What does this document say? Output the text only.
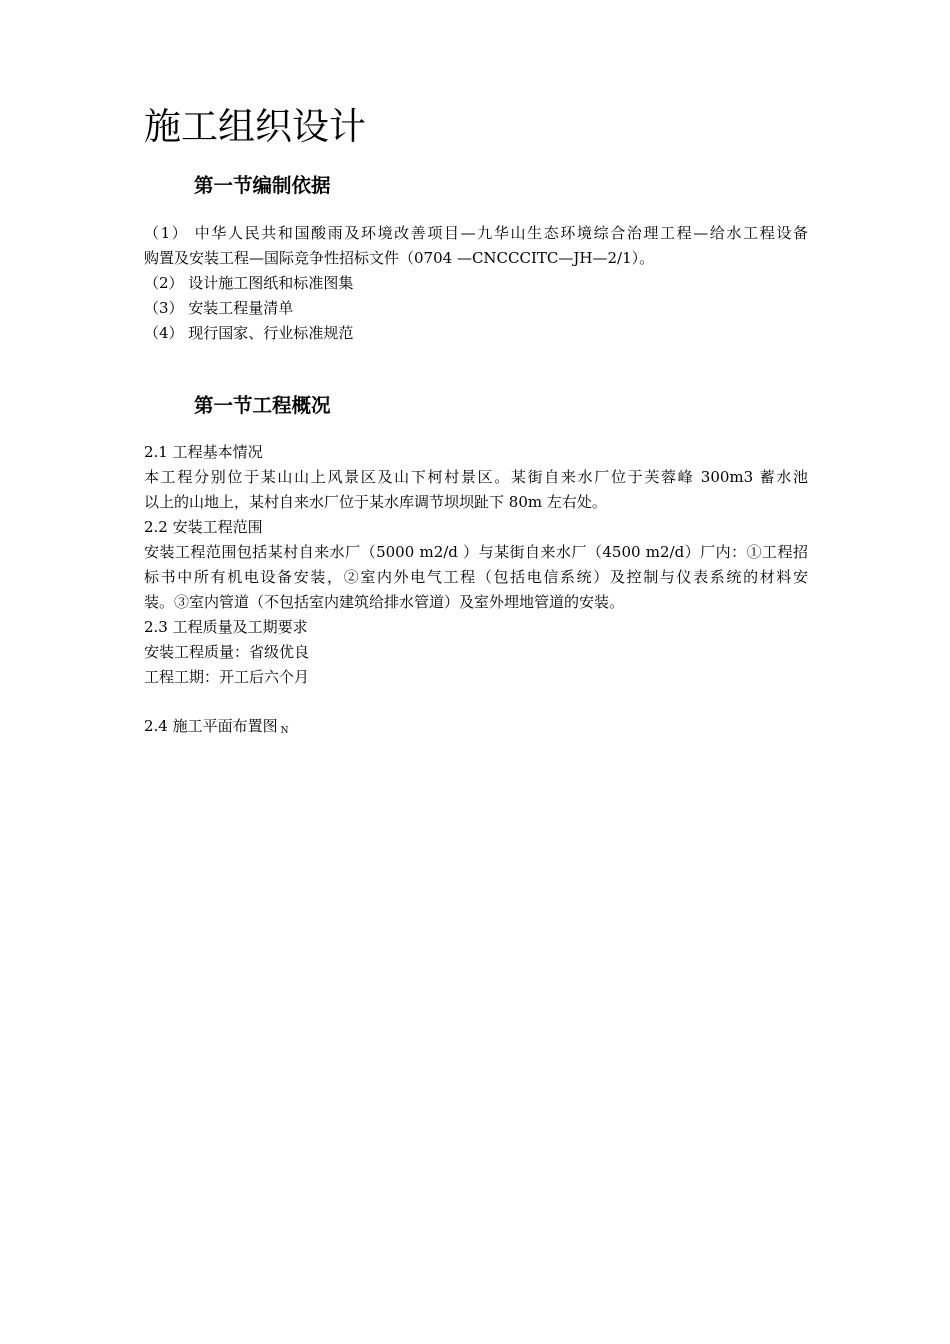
施工组织设计
第一节编制依据
（1） 中华人民共和国酸雨及环境改善项目—九华山生态环境综合治理工程—给水工程设备
购置及安装工程—国际竞争性招标文件（0704 —CNCCCITC—JH—2/1）。
（2） 设计施工图纸和标准图集
（3） 安装工程量清单
（4） 现行国家、行业标准规范
第一节工程概况
2.1 工程基本情况
本工程分别位于某山山上风景区及山下柯村景区。某街自来水厂位于芙蓉峰 300m3 蓄水池
以上的山地上，某村自来水厂位于某水库调节坝坝趾下 80m 左右处。
2.2 安装工程范围
安装工程范围包括某村自来水厂（5000 m2/d ）与某街自来水厂（4500 m2/d）厂内：①工程招
标书中所有机电设备安装，②室内外电气工程（包括电信系统）及控制与仪表系统的材料安
装。③室内管道（不包括室内建筑给排水管道）及室外埋地管道的安装。
2.3 工程质量及工期要求
安装工程质量：省级优良
工程工期：开工后六个月
2.4 施工平面布置图 N
